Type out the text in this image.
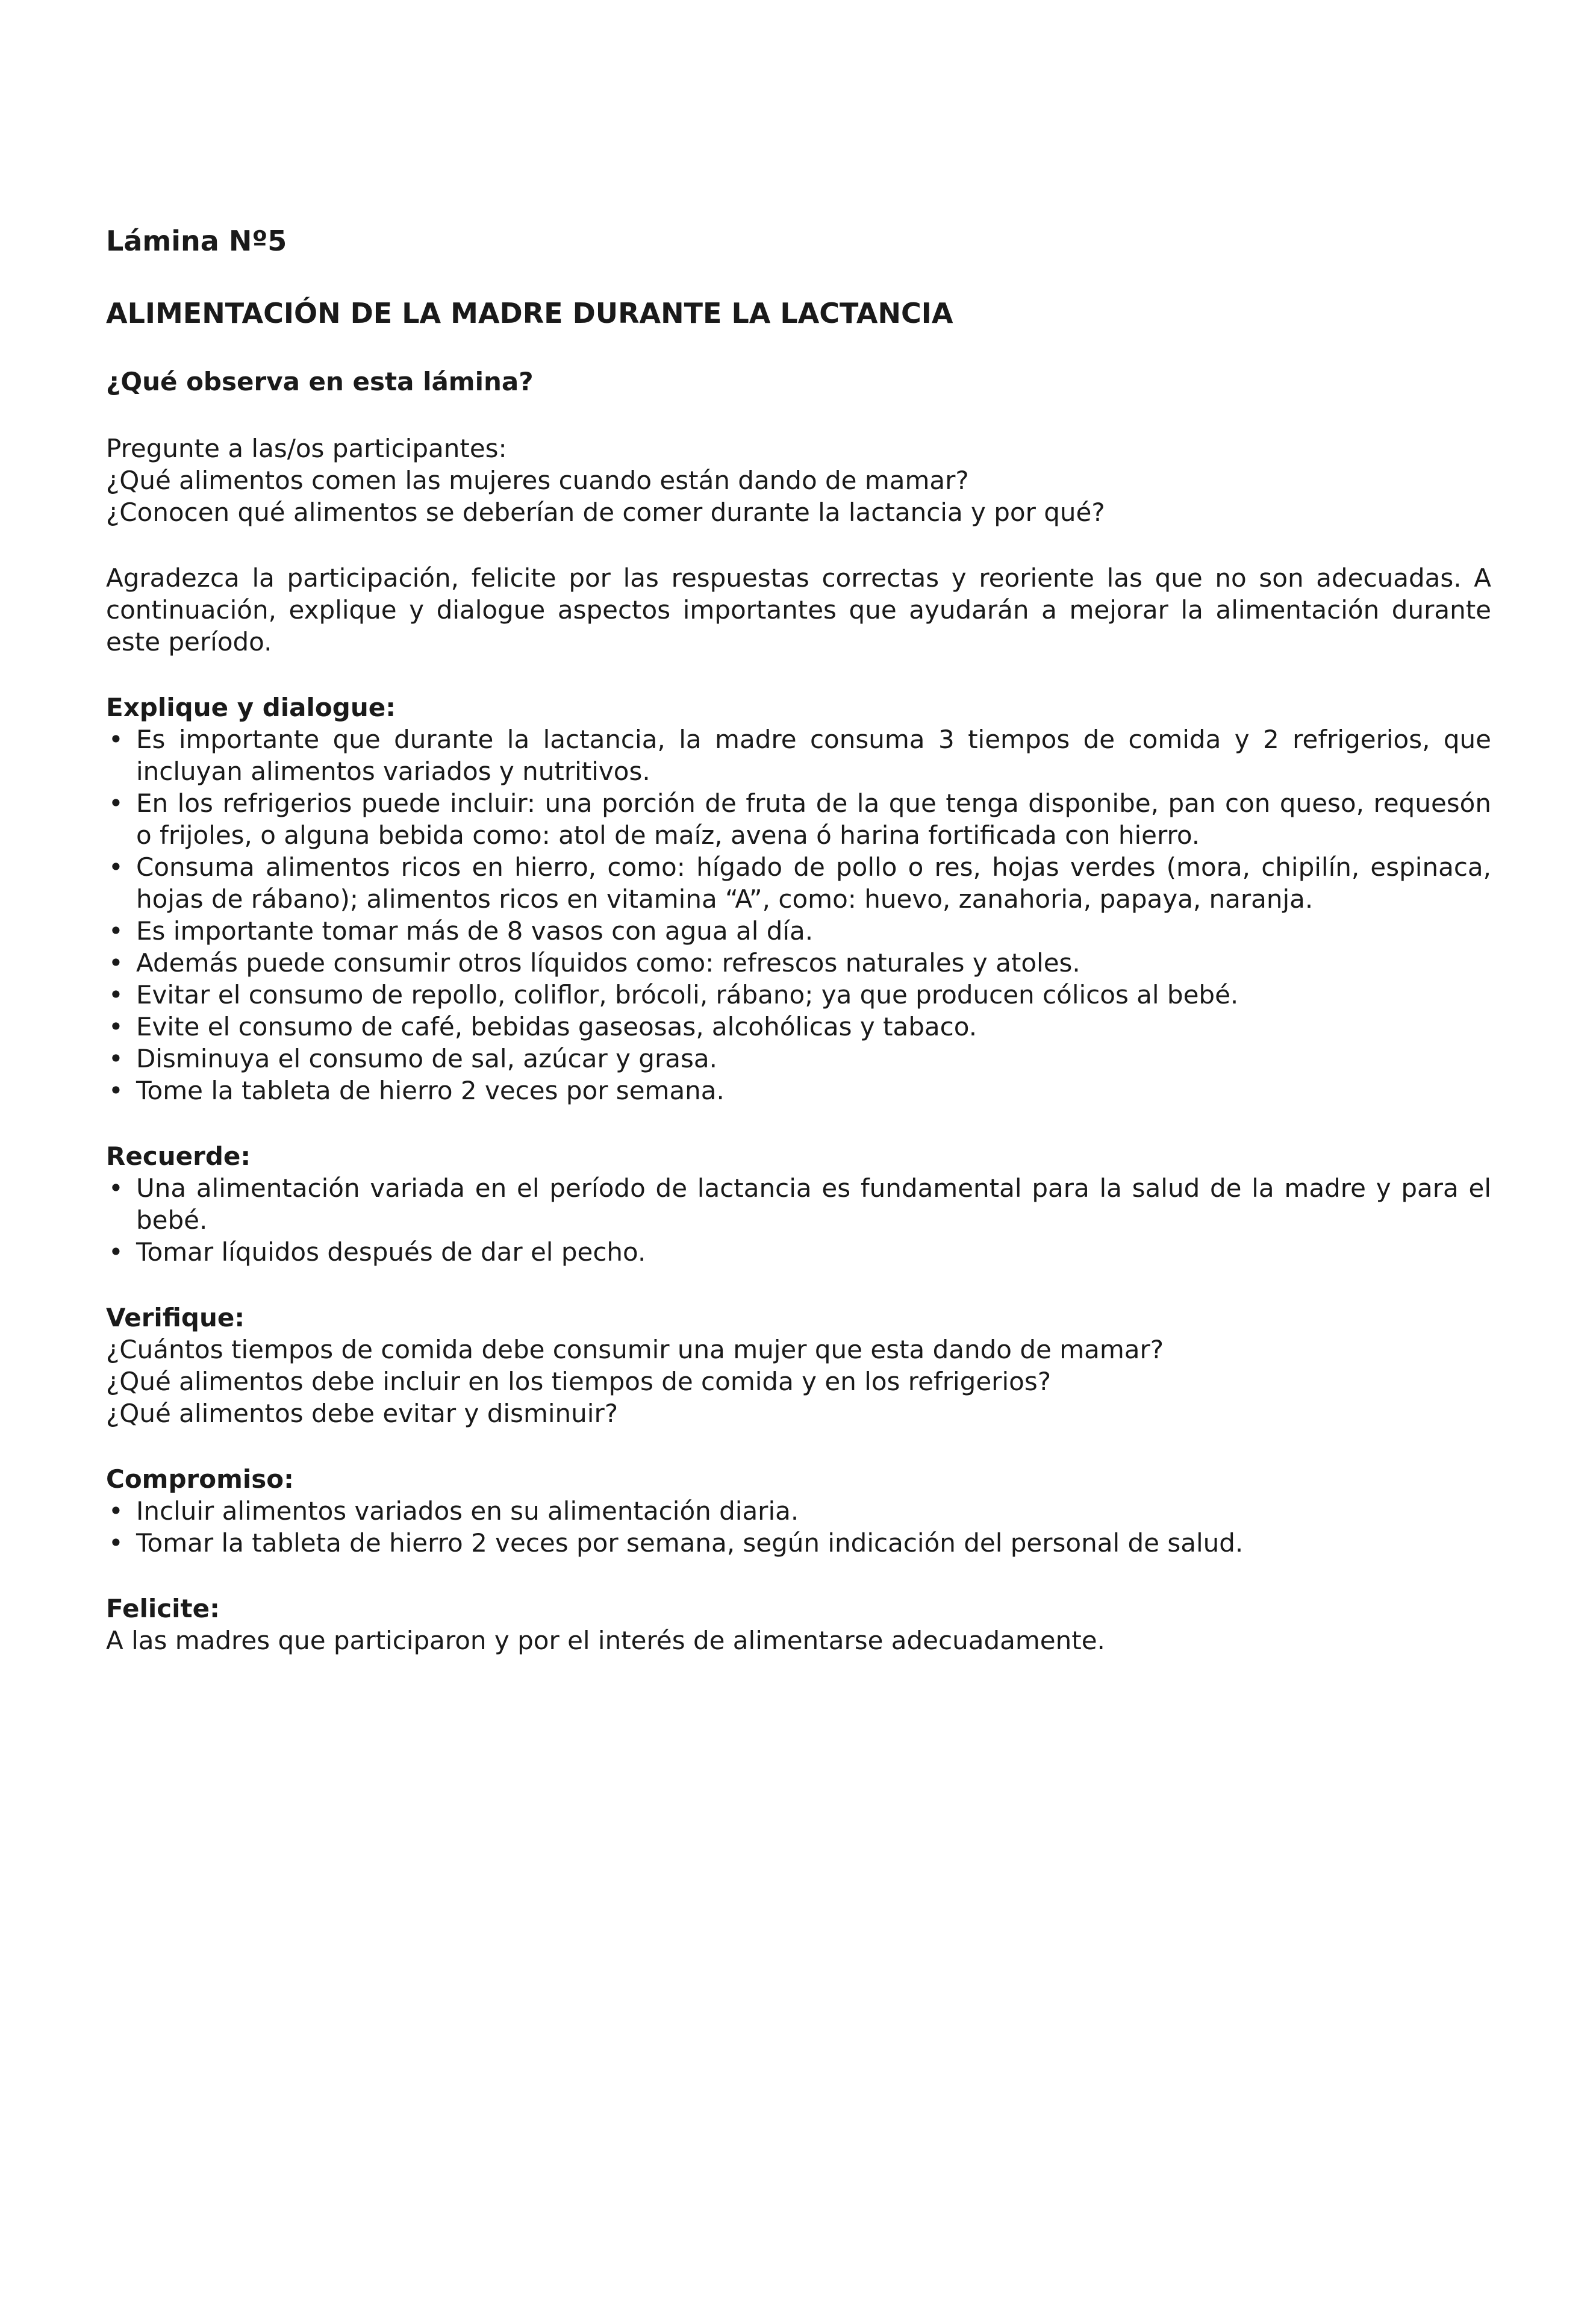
Lámina Nº5
ALIMENTACIÓN DE LA MADRE DURANTE LA LACTANCIA
¿Qué observa en esta lámina?

Pregunte a las/os participantes:

¿Qué alimentos comen las mujeres cuando están dando de mamar?

¿Conocen qué alimentos se deberían de comer durante la lactancia y por qué?

Agradezca la participación, felicite por las respuestas correctas y reoriente las que no son adecuadas. A continuación, explique y dialogue aspectos importantes que ayudarán a mejorar la alimentación durante este período.

Explique y dialogue:

• Es importante que durante la lactancia, la madre consuma 3 tiempos de comida y 2 refrigerios, que incluyan alimentos variados y nutritivos.
• En los refrigerios puede incluir: una porción de fruta de la que tenga disponibe, pan con queso, requesón o frijoles, o alguna bebida como: atol de maíz, avena ó harina fortificada con hierro.
• Consuma alimentos ricos en hierro, como: hígado de pollo o res, hojas verdes (mora, chipilín, espinaca, hojas de rábano); alimentos ricos en vitamina “A”, como: huevo, zanahoria, papaya, naranja.
• Es importante tomar más de 8 vasos con agua al día.
• Además puede consumir otros líquidos como: refrescos naturales y atoles.
• Evitar el consumo de repollo, coliflor, brócoli, rábano; ya que producen cólicos al bebé.
• Evite el consumo de café, bebidas gaseosas, alcohólicas y tabaco.
• Disminuya el consumo de sal, azúcar y grasa.
• Tome la tableta de hierro 2 veces por semana.

Recuerde:

• Una alimentación variada en el período de lactancia es fundamental para la salud de la madre y para el bebé.
• Tomar líquidos después de dar el pecho.

Verifique:

¿Cuántos tiempos de comida debe consumir una mujer que esta dando de mamar?

¿Qué alimentos debe incluir en los tiempos de comida y en los refrigerios?

¿Qué alimentos debe evitar y disminuir?

Compromiso:

• Incluir alimentos variados en su alimentación diaria.
• Tomar la tableta de hierro 2 veces por semana, según indicación del personal de salud.

Felicite:

A las madres que participaron y por el interés de alimentarse adecuadamente.
